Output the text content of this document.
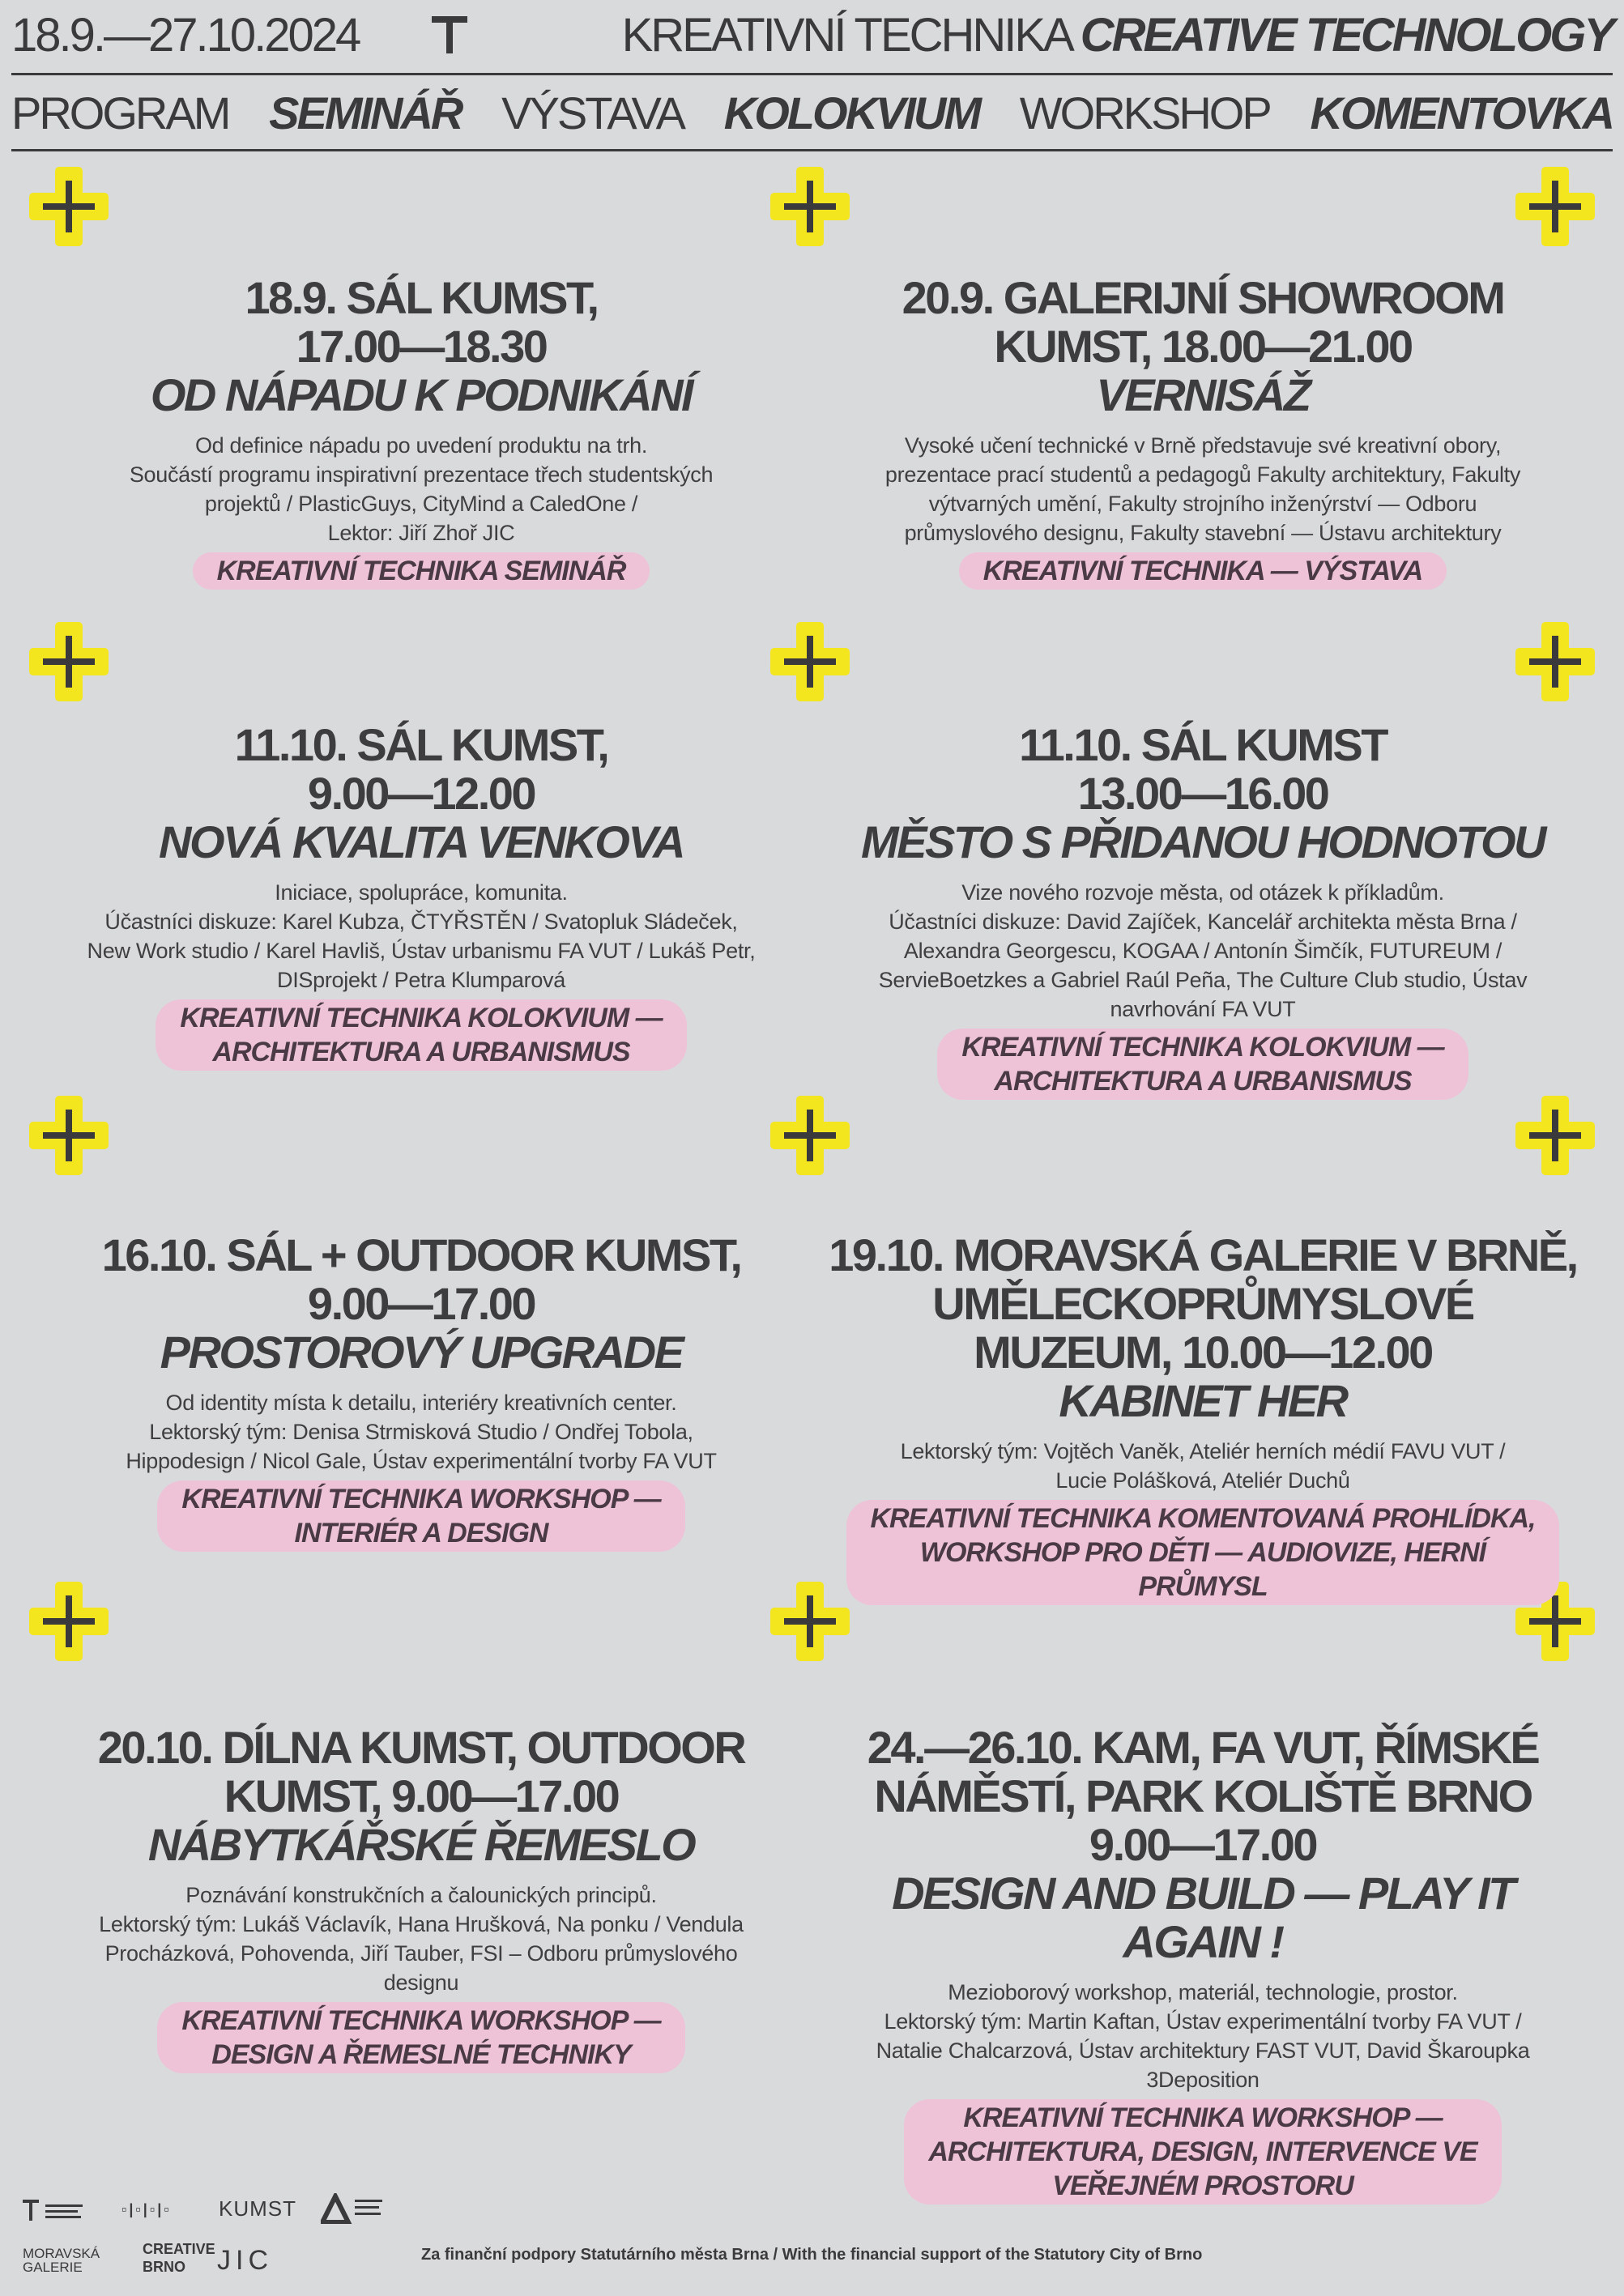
18.9.—27.10.2024	KREATIVNÍ TECHNIKA CREATIVE TECHNOLOGY
PROGRAM SEMINÁŘ VÝSTAVA KOLOKVIUM WORKSHOP KOMENTOVKA
18.9. SÁL KUMST,
17.00—18.30
OD NÁPADU K PODNIKÁNÍ
Od definice nápadu po uvedení produktu na trh.
Součástí programu inspirativní prezentace třech studentských
projektů / PlasticGuys, CityMind a CaledOne /
Lektor: Jiří Zhoř JIC
KREATIVNÍ TECHNIKA SEMINÁŘ
20.9. GALERIJNÍ SHOWROOM
KUMST, 18.00—21.00
VERNISÁŽ
Vysoké učení technické v Brně představuje své kreativní obory,
prezentace prací studentů a pedagogů Fakulty architektury, Fakulty
výtvarných umění, Fakulty strojního inženýrství — Odboru
průmyslového designu, Fakulty stavební — Ústavu architektury
KREATIVNÍ TECHNIKA — VÝSTAVA
11.10. SÁL KUMST,
9.00—12.00
NOVÁ KVALITA VENKOVA
Iniciace, spolupráce, komunita.
Účastníci diskuze: Karel Kubza, ČTYŘSTĚN / Svatopluk Sládeček,
New Work studio / Karel Havliš, Ústav urbanismu FA VUT / Lukáš Petr,
DISprojekt / Petra Klumparová
KREATIVNÍ TECHNIKA KOLOKVIUM —
ARCHITEKTURA A URBANISMUS
11.10. SÁL KUMST
13.00—16.00
MĚSTO S PŘIDANOU HODNOTOU
Vize nového rozvoje města, od otázek k příkladům.
Účastníci diskuze: David Zajíček, Kancelář architekta města Brna /
Alexandra Georgescu, KOGAA / Antonín Šimčík, FUTUREUM /
ServieBoetzkes a Gabriel Raúl Peña, The Culture Club studio, Ústav
navrhování FA VUT
KREATIVNÍ TECHNIKA KOLOKVIUM —
ARCHITEKTURA A URBANISMUS
16.10. SÁL + OUTDOOR KUMST,
9.00—17.00
PROSTOROVÝ UPGRADE
Od identity místa k detailu, interiéry kreativních center.
Lektorský tým: Denisa Strmisková Studio / Ondřej Tobola,
Hippodesign / Nicol Gale, Ústav experimentální tvorby FA VUT
KREATIVNÍ TECHNIKA WORKSHOP —
INTERIÉR A DESIGN
19.10. MORAVSKÁ GALERIE V BRNĚ,
UMĚLECKOPRŮMYSLOVÉ
MUZEUM, 10.00—12.00
KABINET HER
Lektorský tým: Vojtěch Vaněk, Ateliér herních médií FAVU VUT /
Lucie Polášková, Ateliér Duchů
KREATIVNÍ TECHNIKA KOMENTOVANÁ PROHLÍDKA,
WORKSHOP PRO DĚTI — AUDIOVIZE, HERNÍ
PRŮMYSL
20.10. DÍLNA KUMST, OUTDOOR
KUMST, 9.00—17.00
NÁBYTKÁŘSKÉ ŘEMESLO
Poznávání konstrukčních a čalounických principů.
Lektorský tým: Lukáš Václavík, Hana Hrušková, Na ponku / Vendula
Procházková, Pohovenda, Jiří Tauber, FSI – Odboru průmyslového
designu
KREATIVNÍ TECHNIKA WORKSHOP —
DESIGN A ŘEMESLNÉ TECHNIKY
24.—26.10. KAM, FA VUT, ŘÍMSKÉ
NÁMĚSTÍ, PARK KOLIŠTĚ BRNO
9.00—17.00
DESIGN AND BUILD — PLAY IT
AGAIN !
Mezioborový workshop, materiál, technologie, prostor.
Lektorský tým: Martin Kaftan, Ústav experimentální tvorby FA VUT /
Natalie Chalcarzová, Ústav architektury FAST VUT, David Škaroupka
3Deposition
KREATIVNÍ TECHNIKA WORKSHOP —
ARCHITEKTURA, DESIGN, INTERVENCE VE
VEŘEJNÉM PROSTORU
▫|▫|▫|▫ KUMST
MORAVSKÁ GALERIE
CREATIVE BRNO	JIC	Za finanční podpory Statutárního města Brna / With the financial support of the Statutory City of Brno
